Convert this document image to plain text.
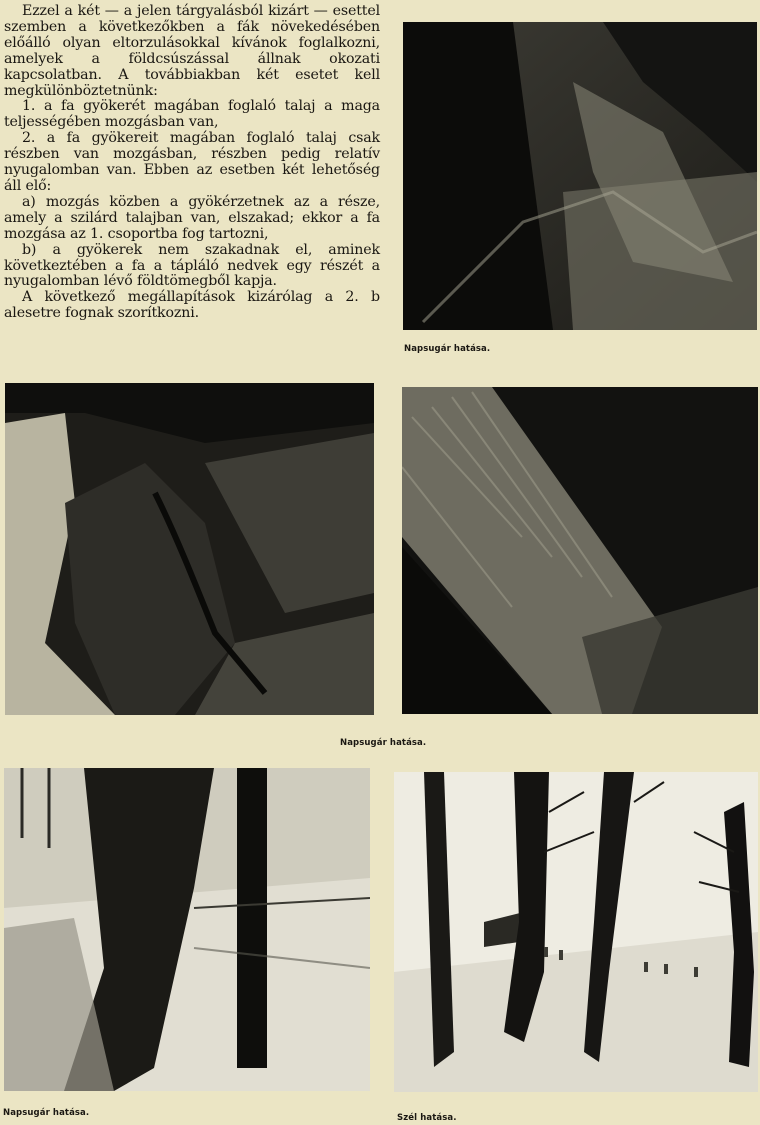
Ezzel a két — a jelen tárgyalásból kizárt — esettel szemben a következőkben a fák növekedésében előálló olyan eltorzulásokkal kívánok foglalkozni, amelyek a földcsúszással állnak okozati kapcsolatban. A továbbiakban két esetet kell megkülönböztetnünk:

1. a fa gyökerét magában foglaló talaj a maga teljességében mozgásban van,

2. a fa gyökereit magában foglaló talaj csak részben van mozgásban, részben pedig relatív nyugalomban van. Ebben az esetben két lehetőség áll elő:

a) mozgás közben a gyökérzetnek az a része, amely a szilárd talajban van, elszakad; ekkor a fa mozgása az 1. csoportba fog tartozni,

b) a gyökerek nem szakadnak el, aminek következtében a fa a tápláló nedvek egy részét a nyugalomban lévő földtömegből kapja.

A következő megállapítások kizárólag a 2. b alesetre fognak szorítkozni.

Napsugár hatása.
Napsugár hatása.
Napsugár hatása.	Szél hatása.
